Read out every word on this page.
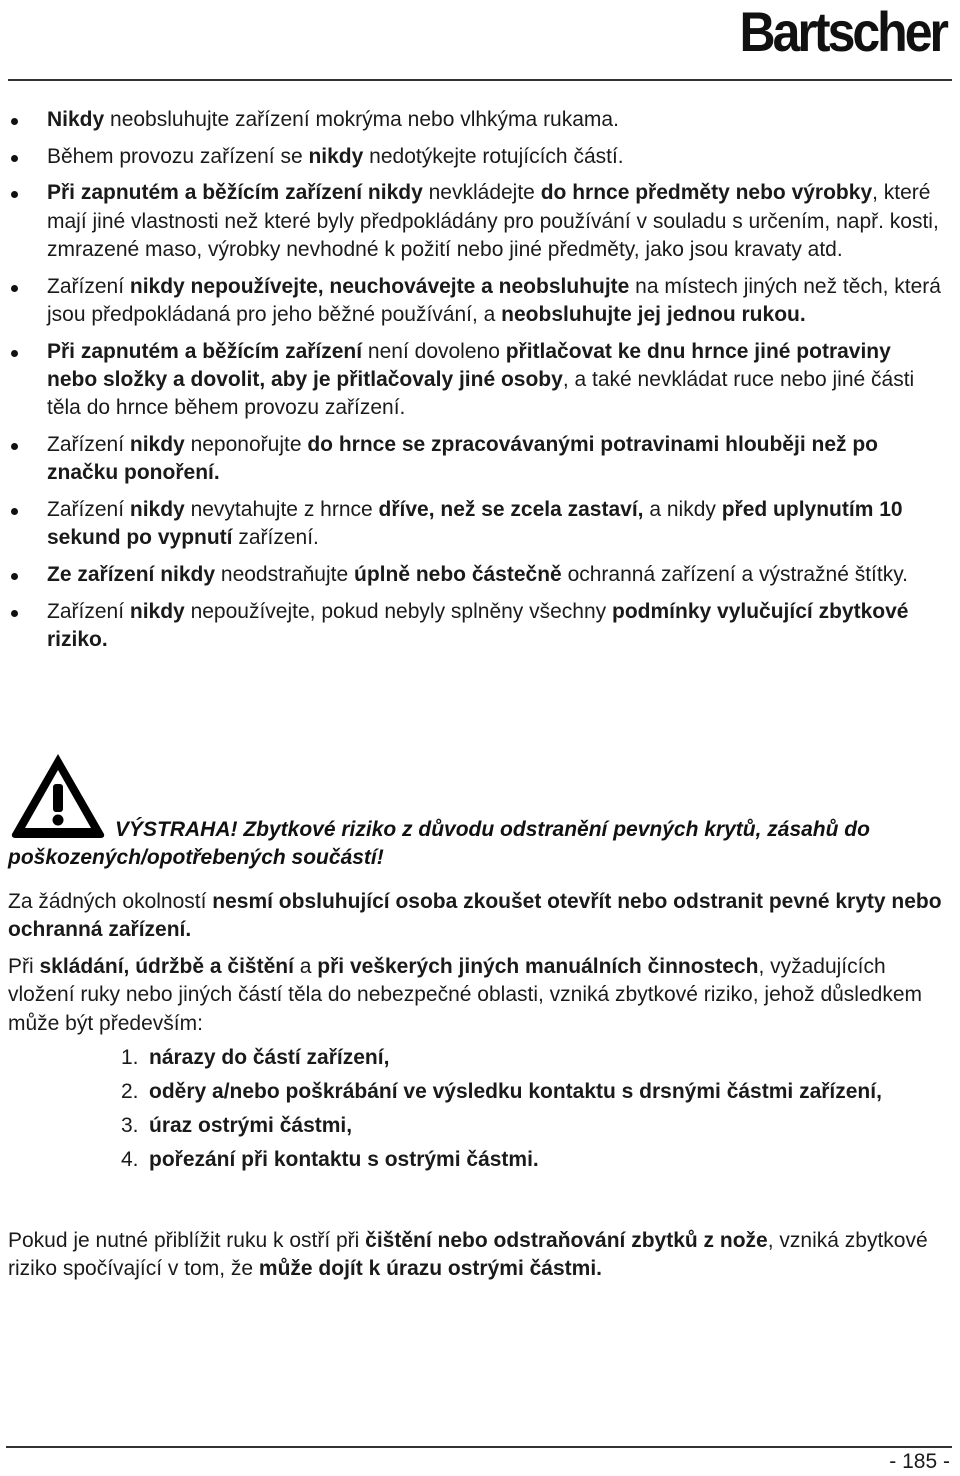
Bartscher
Nikdy neobsluhujte zařízení mokrýma nebo vlhkýma rukama.
Během provozu zařízení se nikdy nedotýkejte rotujících částí.
Při zapnutém a běžícím zařízení nikdy nevkládejte do hrnce předměty nebo výrobky, které mají jiné vlastnosti než které byly předpokládány pro používání v souladu s určením, např. kosti, zmrazené maso, výrobky nevhodné k požití nebo jiné předměty, jako jsou kravaty atd.
Zařízení nikdy nepoužívejte, neuchovávejte a neobsluhujte na místech jiných než těch, která jsou předpokládaná pro jeho běžné používání, a neobsluhujte jej jednou rukou.
Při zapnutém a běžícím zařízení není dovoleno přitlačovat ke dnu hrnce jiné potraviny nebo složky a dovolit, aby je přitlačovaly jiné osoby, a také nevkládat ruce nebo jiné části těla do hrnce během provozu zařízení.
Zařízení nikdy neponořujte do hrnce se zpracovávanými potravinami hlouběji než po značku ponoření.
Zařízení nikdy nevytahujte z hrnce dříve, než se zcela zastaví, a nikdy před uplynutím 10 sekund po vypnutí zařízení.
Ze zařízení nikdy neodstraňujte úplně nebo částečně ochranná zařízení a výstražné štítky.
Zařízení nikdy nepoužívejte, pokud nebyly splněny všechny podmínky vylučující zbytkové riziko.
VÝSTRAHA! Zbytkové riziko z důvodu odstranění pevných krytů, zásahů do poškozených/opotřebených součástí!
Za žádných okolností nesmí obsluhující osoba zkoušet otevřít nebo odstranit pevné kryty nebo ochranná zařízení.
Při skládání, údržbě a čištění a při veškerých jiných manuálních činnostech, vyžadujících vložení ruky nebo jiných částí těla do nebezpečné oblasti, vzniká zbytkové riziko, jehož důsledkem může být především:
1. nárazy do částí zařízení,
2. oděry a/nebo poškrábání ve výsledku kontaktu s drsnými částmi zařízení,
3. úraz ostrými částmi,
4. pořezání při kontaktu s ostrými částmi.
Pokud je nutné přiblížit ruku k ostří při čištění nebo odstraňování zbytků z nože, vzniká zbytkové riziko spočívající v tom, že může dojít k úrazu ostrými částmi.
- 185 -
